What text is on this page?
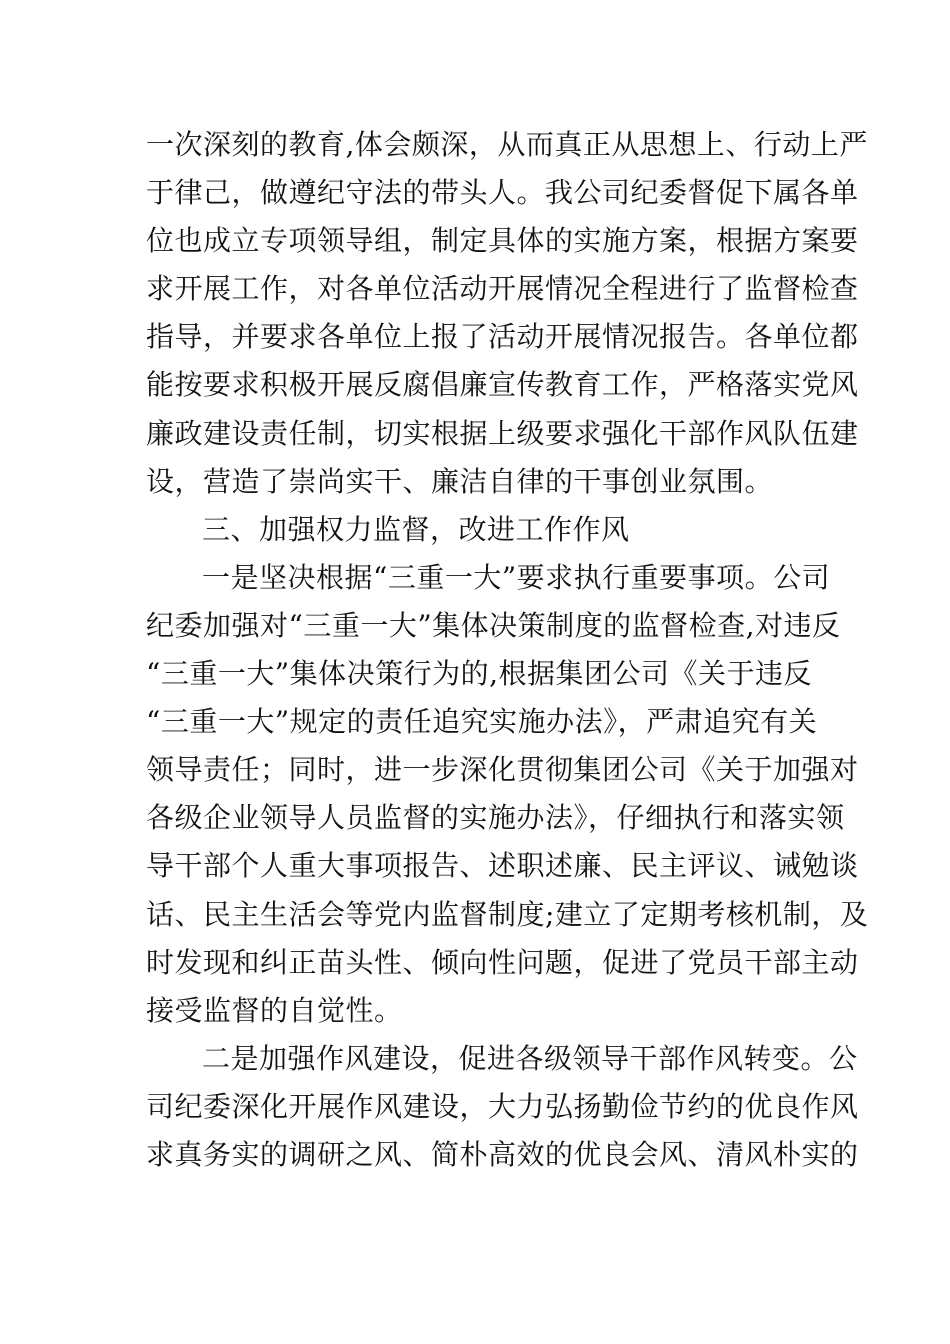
一次深刻的教育,体会颇深，从而真正从思想上、行动上严
于律己，做遵纪守法的带头人。我公司纪委督促下属各单
位也成立专项领导组，制定具体的实施方案，根据方案要
求开展工作，对各单位活动开展情况全程进行了监督检查
指导，并要求各单位上报了活动开展情况报告。各单位都
能按要求积极开展反腐倡廉宣传教育工作，严格落实党风
廉政建设责任制，切实根据上级要求强化干部作风队伍建
设，营造了崇尚实干、廉洁自律的干事创业氛围。
三、加强权力监督，改进工作作风
一是坚决根据“三重一大”要求执行重要事项。公司
纪委加强对“三重一大”集体决策制度的监督检查,对违反
“三重一大”集体决策行为的,根据集团公司《关于违反
“三重一大”规定的责任追究实施办法》，严肃追究有关
领导责任；同时，进一步深化贯彻集团公司《关于加强对
各级企业领导人员监督的实施办法》，仔细执行和落实领
导干部个人重大事项报告、述职述廉、民主评议、诫勉谈
话、民主生活会等党内监督制度;建立了定期考核机制，及
时发现和纠正苗头性、倾向性问题，促进了党员干部主动
接受监督的自觉性。
二是加强作风建设，促进各级领导干部作风转变。公
司纪委深化开展作风建设，大力弘扬勤俭节约的优良作风
求真务实的调研之风、简朴高效的优良会风、清风朴实的
